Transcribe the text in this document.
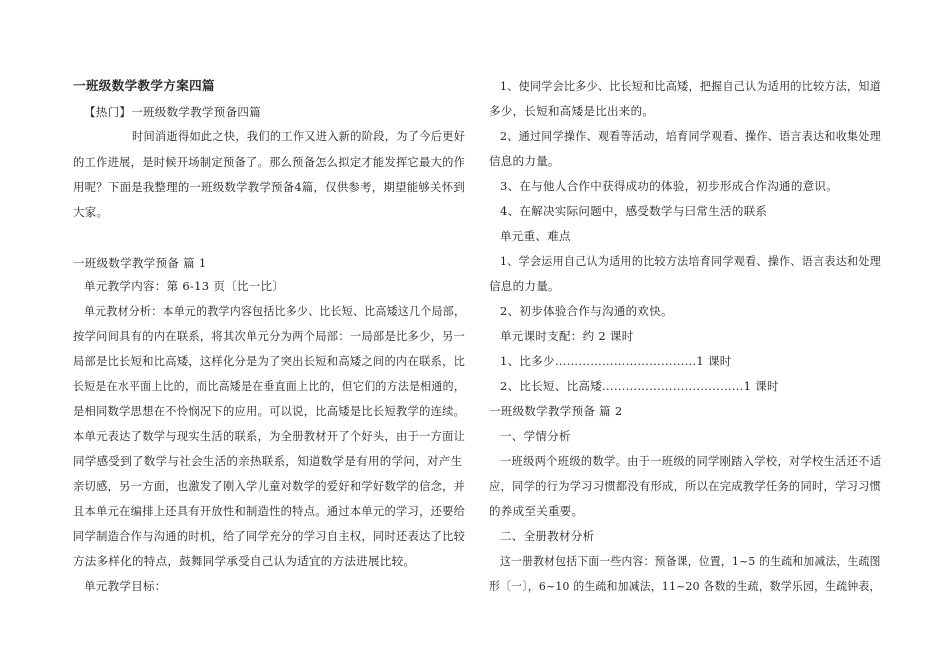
一班级数学教学方案四篇
【热门】一班级数学教学预备四篇
时间消逝得如此之快，我们的工作又进入新的阶段，为了今后更好
的工作进展，是时候开场制定预备了。那么预备怎么拟定才能发挥它最大的作
用呢？下面是我整理的一班级数学教学预备4篇，仅供参考，期望能够关怀到
大家。
一班级数学教学预备 篇 1
单元教学内容：第 6-13 页〔比一比〕
单元教材分析：本单元的教学内容包括比多少、比长短、比高矮这几个局部，
按学问间具有的内在联系，将其次单元分为两个局部：一局部是比多少，另一
局部是比长短和比高矮，这样化分是为了突出长短和高矮之间的内在联系，比
长短是在水平面上比的，而比高矮是在垂直面上比的，但它们的方法是相通的，
是相同数学思想在不怜悯况下的应用。可以说，比高矮是比长短教学的连续。
本单元表达了数学与现实生活的联系，为全册教材开了个好头，由于一方面让
同学感受到了数学与社会生活的亲热联系，知道数学是有用的学问，对产生
亲切感，另一方面，也激发了刚入学儿童对数学的爱好和学好数学的信念，并
且本单元在编排上还具有开放性和制造性的特点。通过本单元的学习，还要给
同学制造合作与沟通的时机，给了同学充分的学习自主权，同时还表达了比较
方法多样化的特点，鼓舞同学承受自己认为适宜的方法进展比较。
单元教学目标：
1、使同学会比多少、比长短和比高矮，把握自己认为适用的比较方法，知道
多少，长短和高矮是比出来的。
2、通过同学操作、观看等活动，培育同学观看、操作、语言表达和收集处理
信息的力量。
3、在与他人合作中获得成功的体验，初步形成合作沟通的意识。
4、在解决实际问题中，感受数学与曰常生活的联系
单元重、难点
1、学会运用自己认为适用的比较方法培育同学观看、操作、语言表达和处理
信息的力量。
2、初步体验合作与沟通的欢快。
单元课时支配：约 2 课时
1、比多少………………………………1 课时
2、比长短、比高矮………………………………1 课时
一班级数学教学预备 篇 2
一、学情分析
一班级两个班级的数学。由于一班级的同学刚踏入学校，对学校生活还不适
应，同学的行为学习习惯都没有形成，所以在完成教学任务的同时，学习习惯
的养成至关重要。
二、全册教材分析
这一册教材包括下面一些内容：预备课，位置，1~5 的生疏和加减法，生疏图
形〔一〕，6~10 的生疏和加减法，11~20 各数的生疏，数学乐园，生疏钟表，
